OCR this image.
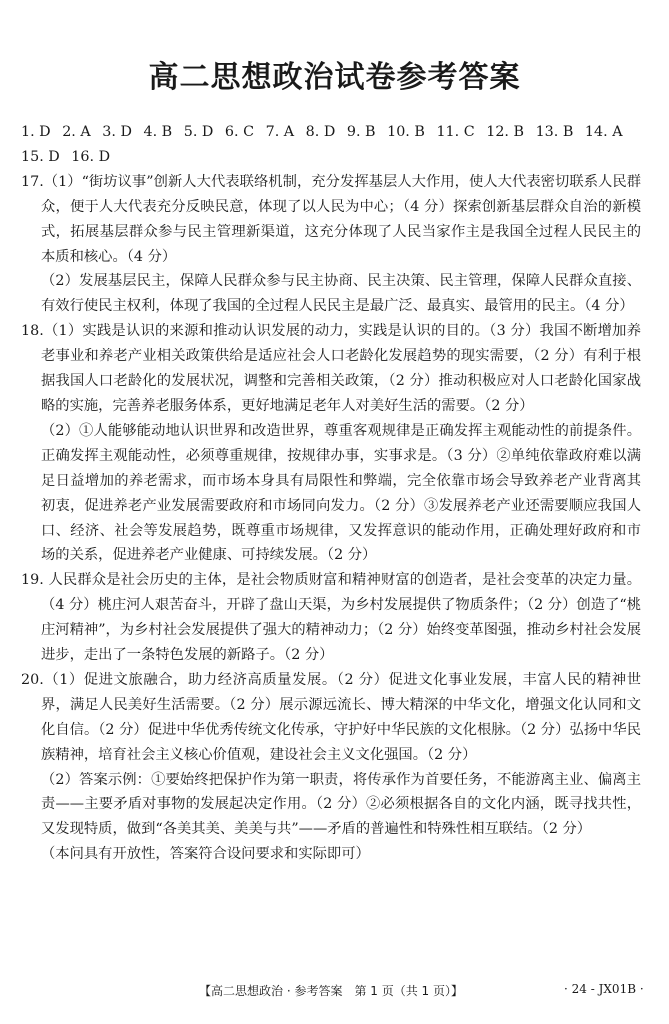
高二思想政治试卷参考答案

1. D 2. A 3. D 4. B 5. D 6. C 7. A 8. D 9. B 10. B 11. C 12. B 13. B 14. A

15. D 16. D

17.（1）“街坊议事”创新人大代表联络机制，充分发挥基层人大作用，使人大代表密切联系人民群众，便于人大代表充分反映民意，体现了以人民为中心；（4 分）探索创新基层群众自治的新模式，拓展基层群众参与民主管理新渠道，这充分体现了人民当家作主是我国全过程人民民主的本质和核心。（4 分）

（2）发展基层民主，保障人民群众参与民主协商、民主决策、民主管理，保障人民群众直接、有效行使民主权利，体现了我国的全过程人民民主是最广泛、最真实、最管用的民主。（4 分）

18.（1）实践是认识的来源和推动认识发展的动力，实践是认识的目的。（3 分）我国不断增加养老事业和养老产业相关政策供给是适应社会人口老龄化发展趋势的现实需要，（2 分）有利于根据我国人口老龄化的发展状况，调整和完善相关政策，（2 分）推动积极应对人口老龄化国家战略的实施，完善养老服务体系，更好地满足老年人对美好生活的需要。（2 分）

（2）①人能够能动地认识世界和改造世界，尊重客观规律是正确发挥主观能动性的前提条件。正确发挥主观能动性，必须尊重规律，按规律办事，实事求是。（3 分）②单纯依靠政府难以满足日益增加的养老需求，而市场本身具有局限性和弊端，完全依靠市场会导致养老产业背离其初衷，促进养老产业发展需要政府和市场同向发力。（2 分）③发展养老产业还需要顺应我国人口、经济、社会等发展趋势，既尊重市场规律，又发挥意识的能动作用，正确处理好政府和市场的关系，促进养老产业健康、可持续发展。（2 分）

19. 人民群众是社会历史的主体，是社会物质财富和精神财富的创造者，是社会变革的决定力量。（4 分）桃庄河人艰苦奋斗，开辟了盘山天渠，为乡村发展提供了物质条件；（2 分）创造了“桃庄河精神”，为乡村社会发展提供了强大的精神动力；（2 分）始终变革图强，推动乡村社会发展进步，走出了一条特色发展的新路子。（2 分）

20.（1）促进文旅融合，助力经济高质量发展。（2 分）促进文化事业发展，丰富人民的精神世界，满足人民美好生活需要。（2 分）展示源远流长、博大精深的中华文化，增强文化认同和文化自信。（2 分）促进中华优秀传统文化传承，守护好中华民族的文化根脉。（2 分）弘扬中华民族精神，培育社会主义核心价值观，建设社会主义文化强国。（2 分）

（2）答案示例：①要始终把保护作为第一职责，将传承作为首要任务，不能游离主业、偏离主责——主要矛盾对事物的发展起决定作用。（2 分）②必须根据各自的文化内涵，既寻找共性，又发现特质，做到“各美其美、美美与共”——矛盾的普遍性和特殊性相互联结。（2 分）

（本问具有开放性，答案符合设问要求和实际即可）

【高二思想政治 · 参考答案　第 1 页（共 1 页）】	· 24 - JX01B ·
